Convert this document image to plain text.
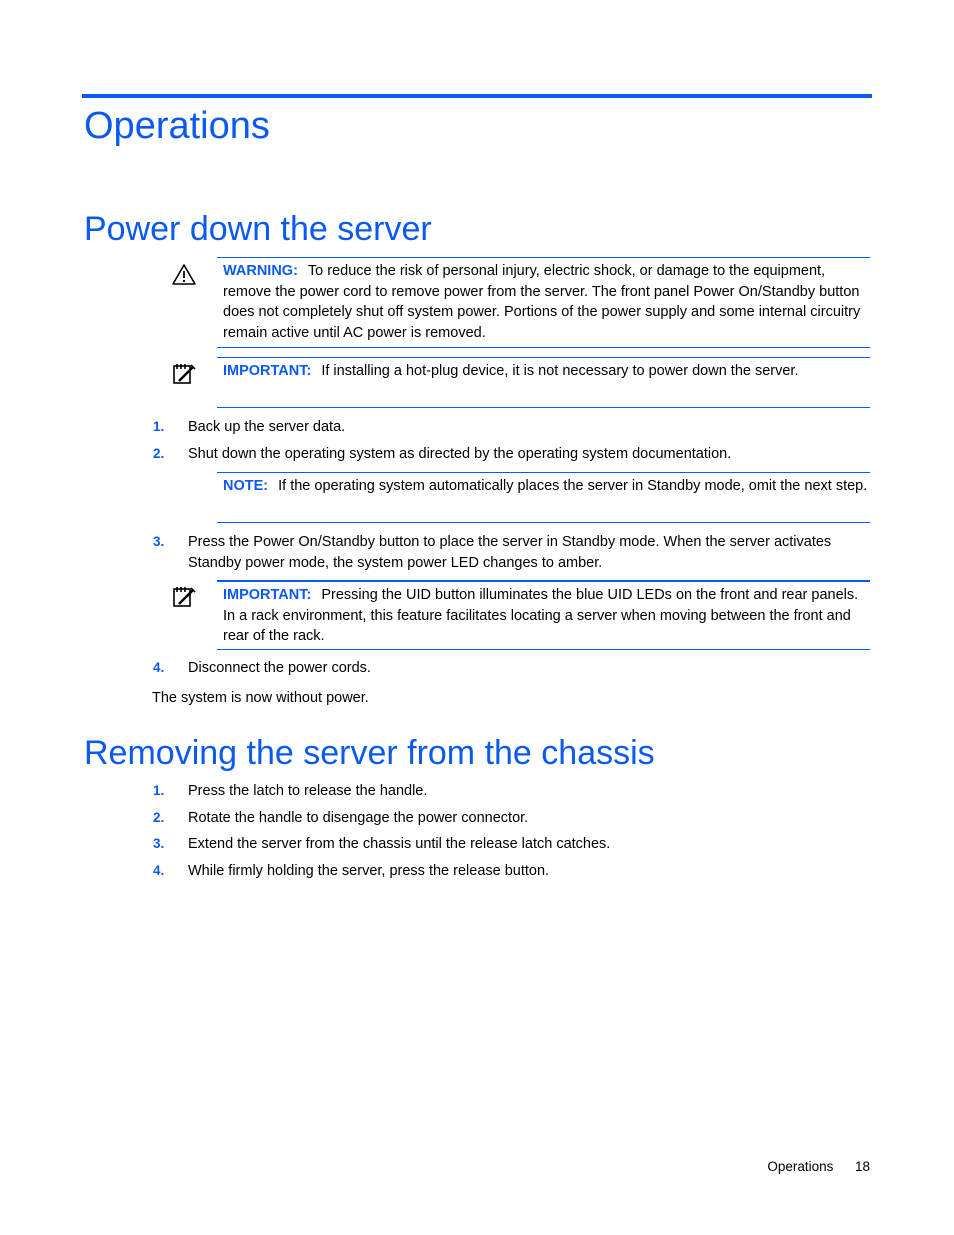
Operations
Power down the server
WARNING: To reduce the risk of personal injury, electric shock, or damage to the equipment, remove the power cord to remove power from the server. The front panel Power On/Standby button does not completely shut off system power. Portions of the power supply and some internal circuitry remain active until AC power is removed.
IMPORTANT: If installing a hot-plug device, it is not necessary to power down the server.
1. Back up the server data.
2. Shut down the operating system as directed by the operating system documentation.
NOTE: If the operating system automatically places the server in Standby mode, omit the next step.
3. Press the Power On/Standby button to place the server in Standby mode. When the server activates Standby power mode, the system power LED changes to amber.
IMPORTANT: Pressing the UID button illuminates the blue UID LEDs on the front and rear panels. In a rack environment, this feature facilitates locating a server when moving between the front and rear of the rack.
4. Disconnect the power cords.
The system is now without power.
Removing the server from the chassis
1. Press the latch to release the handle.
2. Rotate the handle to disengage the power connector.
3. Extend the server from the chassis until the release latch catches.
4. While firmly holding the server, press the release button.
Operations 18
